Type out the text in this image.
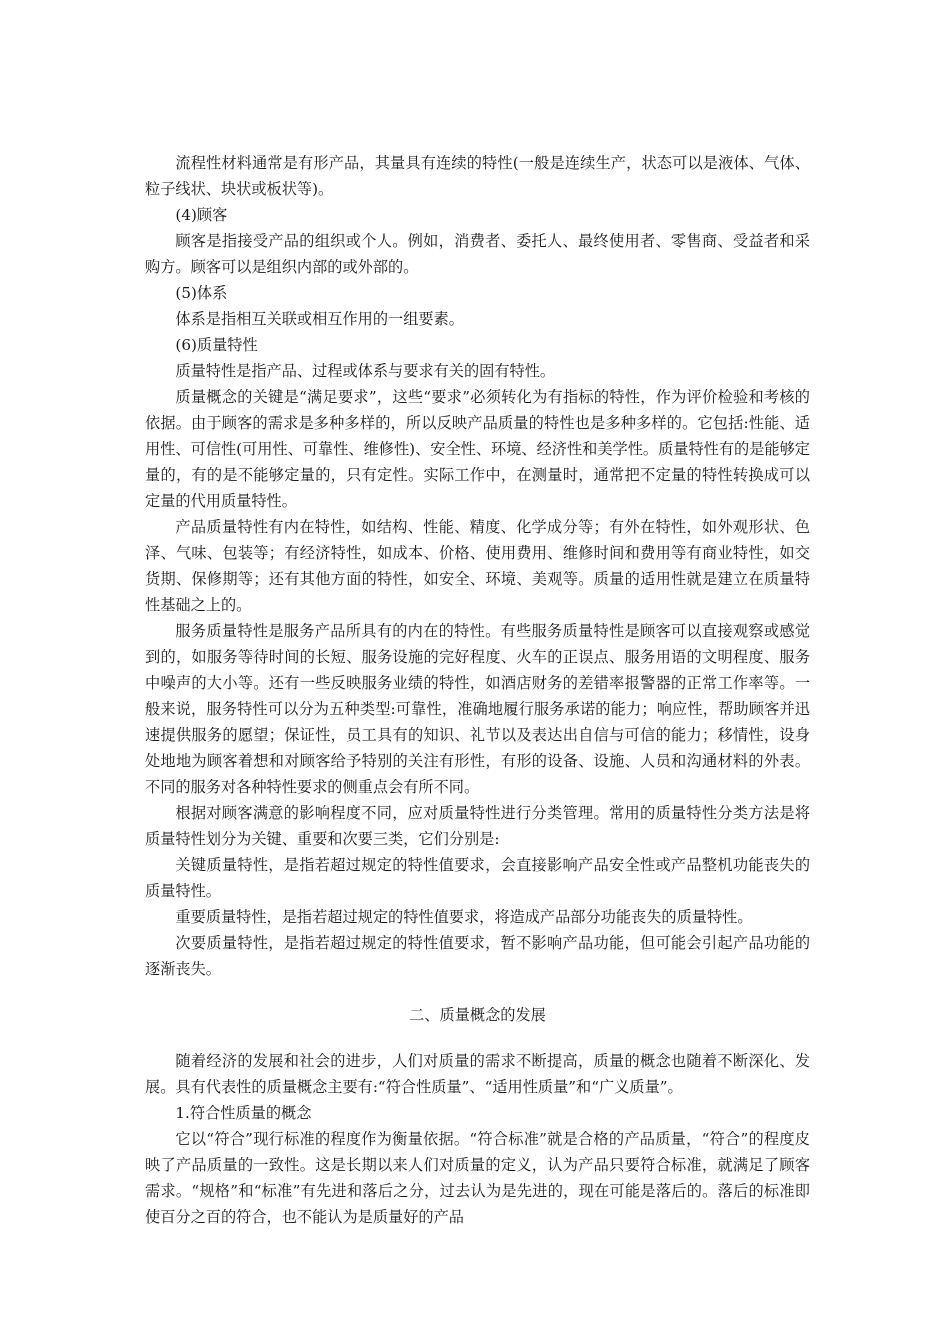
流程性材料通常是有形产品，其量具有连续的特性(一般是连续生产，状态可以是液体、气体、粒子线状、块状或板状等)。

(4)顾客

顾客是指接受产品的组织或个人。例如，消费者、委托人、最终使用者、零售商、受益者和采购方。顾客可以是组织内部的或外部的。

(5)体系

体系是指相互关联或相互作用的一组要素。

(6)质量特性

质量特性是指产品、过程或体系与要求有关的固有特性。

质量概念的关键是“满足要求”，这些“要求”必须转化为有指标的特性，作为评价检验和考核的依据。由于顾客的需求是多种多样的，所以反映产品质量的特性也是多种多样的。它包括:性能、适用性、可信性(可用性、可靠性、维修性)、安全性、环境、经济性和美学性。质量特性有的是能够定量的，有的是不能够定量的，只有定性。实际工作中，在测量时，通常把不定量的特性转换成可以定量的代用质量特性。

产品质量特性有内在特性，如结构、性能、精度、化学成分等；有外在特性，如外观形状、色泽、气味、包装等；有经济特性，如成本、价格、使用费用、维修时间和费用等有商业特性，如交货期、保修期等；还有其他方面的特性，如安全、环境、美观等。质量的适用性就是建立在质量特性基础之上的。

服务质量特性是服务产品所具有的内在的特性。有些服务质量特性是顾客可以直接观察或感觉到的，如服务等待时间的长短、服务设施的完好程度、火车的正误点、服务用语的文明程度、服务中噪声的大小等。还有一些反映服务业绩的特性，如酒店财务的差错率报警器的正常工作率等。一般来说，服务特性可以分为五种类型:可靠性，准确地履行服务承诺的能力；响应性，帮助顾客并迅速提供服务的愿望；保证性，员工具有的知识、礼节以及表达出自信与可信的能力；移情性，设身处地地为顾客着想和对顾客给予特别的关注有形性，有形的设备、设施、人员和沟通材料的外表。不同的服务对各种特性要求的侧重点会有所不同。

根据对顾客满意的影响程度不同，应对质量特性进行分类管理。常用的质量特性分类方法是将质量特性划分为关键、重要和次要三类，它们分别是:

关键质量特性，是指若超过规定的特性值要求，会直接影响产品安全性或产品整机功能丧失的质量特性。

重要质量特性，是指若超过规定的特性值要求，将造成产品部分功能丧失的质量特性。

次要质量特性，是指若超过规定的特性值要求，暂不影响产品功能，但可能会引起产品功能的逐渐丧失。

二、质量概念的发展

随着经济的发展和社会的进步，人们对质量的需求不断提高，质量的概念也随着不断深化、发展。具有代表性的质量概念主要有:“符合性质量”、“适用性质量”和“广义质量”。

1.符合性质量的概念

它以“符合”现行标准的程度作为衡量依据。“符合标准”就是合格的产品质量，“符合”的程度皮映了产品质量的一致性。这是长期以来人们对质量的定义，认为产品只要符合标准，就满足了顾客需求。“规格”和“标准”有先进和落后之分，过去认为是先进的，现在可能是落后的。落后的标准即使百分之百的符合，也不能认为是质量好的产品
